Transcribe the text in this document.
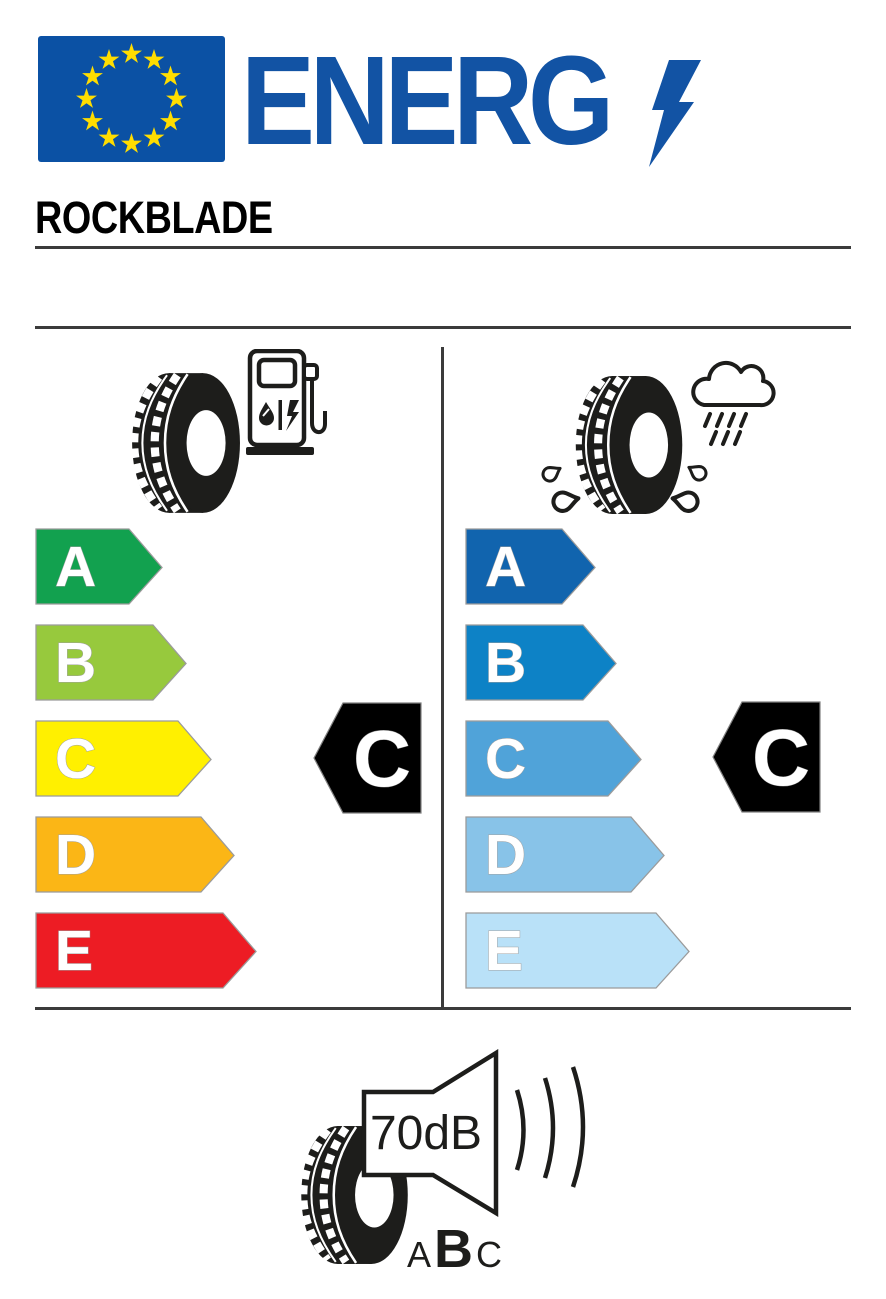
ENERG
ROCKBLADE
A
B
C
D
E
C
A
B
C
D
E
C
70dB
A B C
